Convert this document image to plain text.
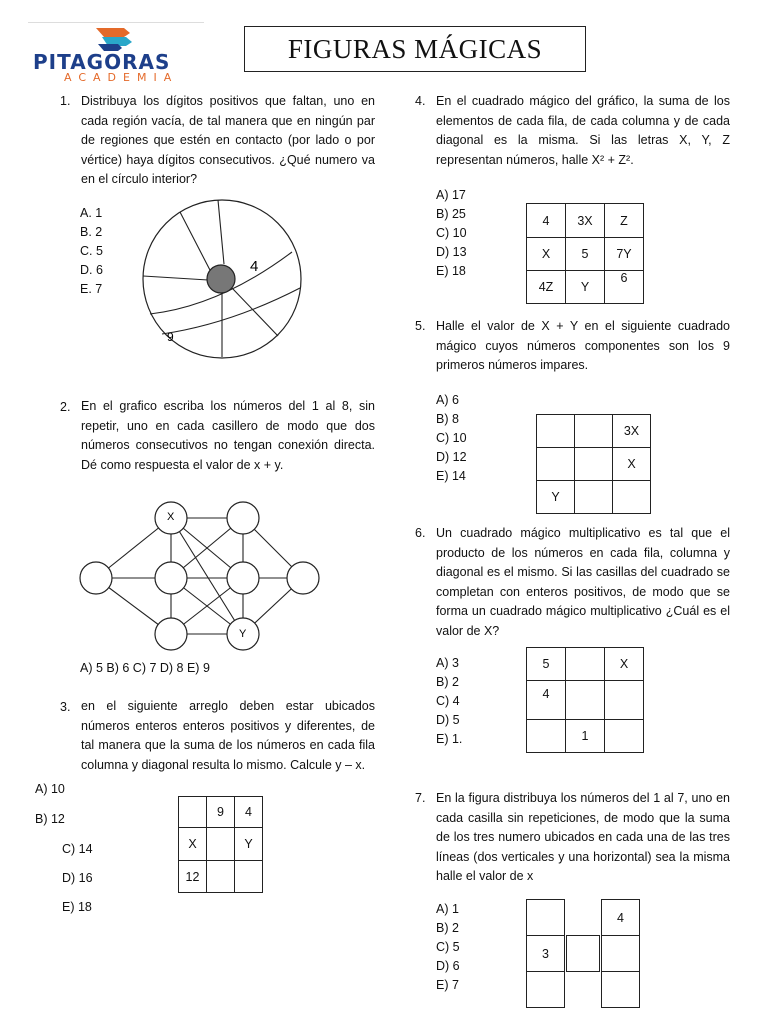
PITAGORAS
ACADEMIA
FIGURAS MÁGICAS
1. Distribuya los dígitos positivos que faltan, uno en cada región vacía, de tal manera que en ningún par de regiones que estén en contacto (por lado o por vértice) haya dígitos consecutivos. ¿Qué numero va en el círculo interior?
A. 1
B. 2
C. 5
D. 6
E. 7
4
9
2. En el grafico escriba los números del 1 al 8, sin repetir, uno en cada casillero de modo que dos números consecutivos no tengan conexión directa. Dé como respuesta el valor de x + y.
X
Y
A) 5 B) 6 C) 7 D) 8 E) 9
3. en el siguiente arreglo deben estar ubicados números enteros enteros positivos y diferentes, de tal manera que la suma de los números en cada fila columna y diagonal resulta lo mismo. Calcule y – x.
A) 10
B) 12
C) 14
D) 16
E) 18
	9	4
X		Y
12		
4. En el cuadrado mágico del gráfico, la suma de los elementos de cada fila, de cada columna y de cada diagonal es la misma. Si las letras X, Y, Z representan números, halle X² + Z².
A) 17
B) 25
C) 10
D) 13
E) 18
4	3X	Z
X	5	7Y
4Z	Y	6
5. Halle el valor de X + Y en el siguiente cuadrado mágico cuyos números componentes son los 9 primeros números impares.
A) 6
B) 8
C) 10
D) 12
E) 14
		3X
		X
Y		
6. Un cuadrado mágico multiplicativo es tal que el producto de los números en cada fila, columna y diagonal es el mismo. Si las casillas del cuadrado se completan con enteros positivos, de modo que se forma un cuadrado mágico multiplicativo ¿Cuál es el valor de X?
A) 3
B) 2
C) 4
D) 5
E) 1.
5		X
4		
	1	
7. En la figura distribuya los números del 1 al 7, uno en cada casilla sin repeticiones, de modo que la suma de los tres numero ubicados en cada una de las tres líneas (dos verticales y una horizontal) sea la misma halle el valor de x
A) 1
B) 2
C) 5
D) 6
E) 7
3
4
